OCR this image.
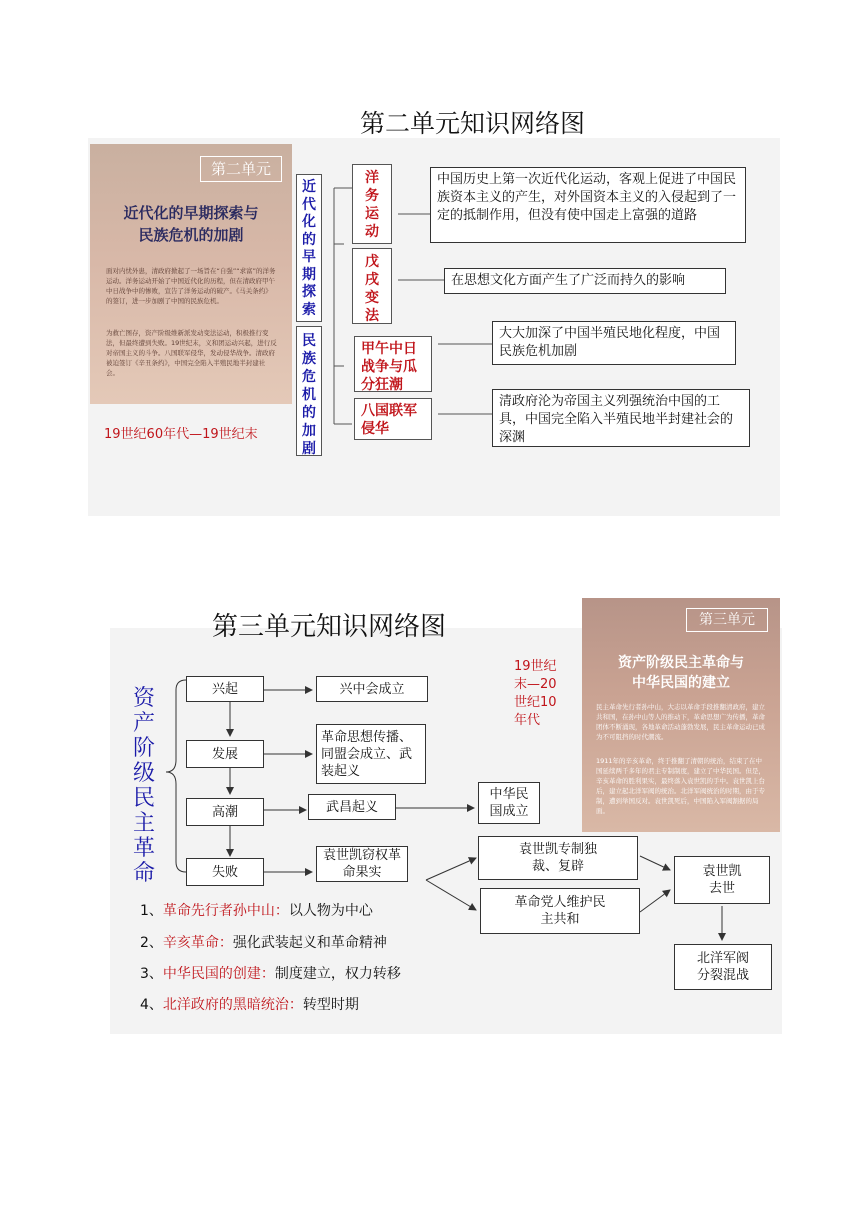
第二单元知识网络图
第二单元
近代化的早期探索与
民族危机的加剧
面对内忧外患，清政府掀起了一场旨在“自强”“求富”的洋务运动。洋务运动开始了中国近代化的历程，但在清政府甲午中日战争中的惨败，宣告了洋务运动的破产。《马关条约》的签订，进一步加剧了中国的民族危机。
为救亡图存，资产阶级维新派发动变法运动，积极推行变法，但最终遭到失败。19世纪末，义和团运动兴起，进行反对帝国主义的斗争。八国联军侵华，发动侵华战争。清政府被迫签订《辛丑条约》，中国完全陷入半殖民地半封建社会。
19世纪60年代—19世纪末
近代化的早期探索
民族危机的加剧
洋务运动
戊戌变法
甲午中日战争与瓜分狂潮
八国联军侵华
中国历史上第一次近代化运动，客观上促进了中国民族资本主义的产生，对外国资本主义的入侵起到了一定的抵制作用，但没有使中国走上富强的道路
在思想文化方面产生了广泛而持久的影响
大大加深了中国半殖民地化程度，中国民族危机加剧
清政府沦为帝国主义列强统治中国的工具，中国完全陷入半殖民地半封建社会的深渊
第三单元知识网络图	第三单元
资产阶级民主革命与
中华民国的建立
民主革命先行者孙中山，大志以革命手段推翻清政府，建立共和国，在孙中山等人的推动下，革命思想广为传播，革命团体不断涌现，各地革命活动蓬勃发展，民主革命运动已成为不可阻挡的时代潮流。
1911年的辛亥革命，终于推翻了清朝的统治，结束了在中国延续两千多年的君主专制制度，建立了中华民国。但是，辛亥革命的胜利果实，最终落入袁世凯的手中。袁世凯上台后，建立起北洋军阀的统治。北洋军阀统治的时期，由于专制，遭到举国反对。袁世凯死后，中国陷入军阀割据的局面。
19世纪末—20世纪10年代
资产阶级民主革命
兴起
发展
高潮
失败
兴中会成立
革命思想传播、同盟会成立、武装起义
武昌起义
中华民国成立
袁世凯窃权革命果实
袁世凯专制独裁、复辟
革命党人维护民主共和
袁世凯去世
北洋军阀分裂混战
1、革命先行者孙中山：以人物为中心
2、辛亥革命：强化武装起义和革命精神
3、中华民国的创建：制度建立，权力转移
4、北洋政府的黑暗统治：转型时期
